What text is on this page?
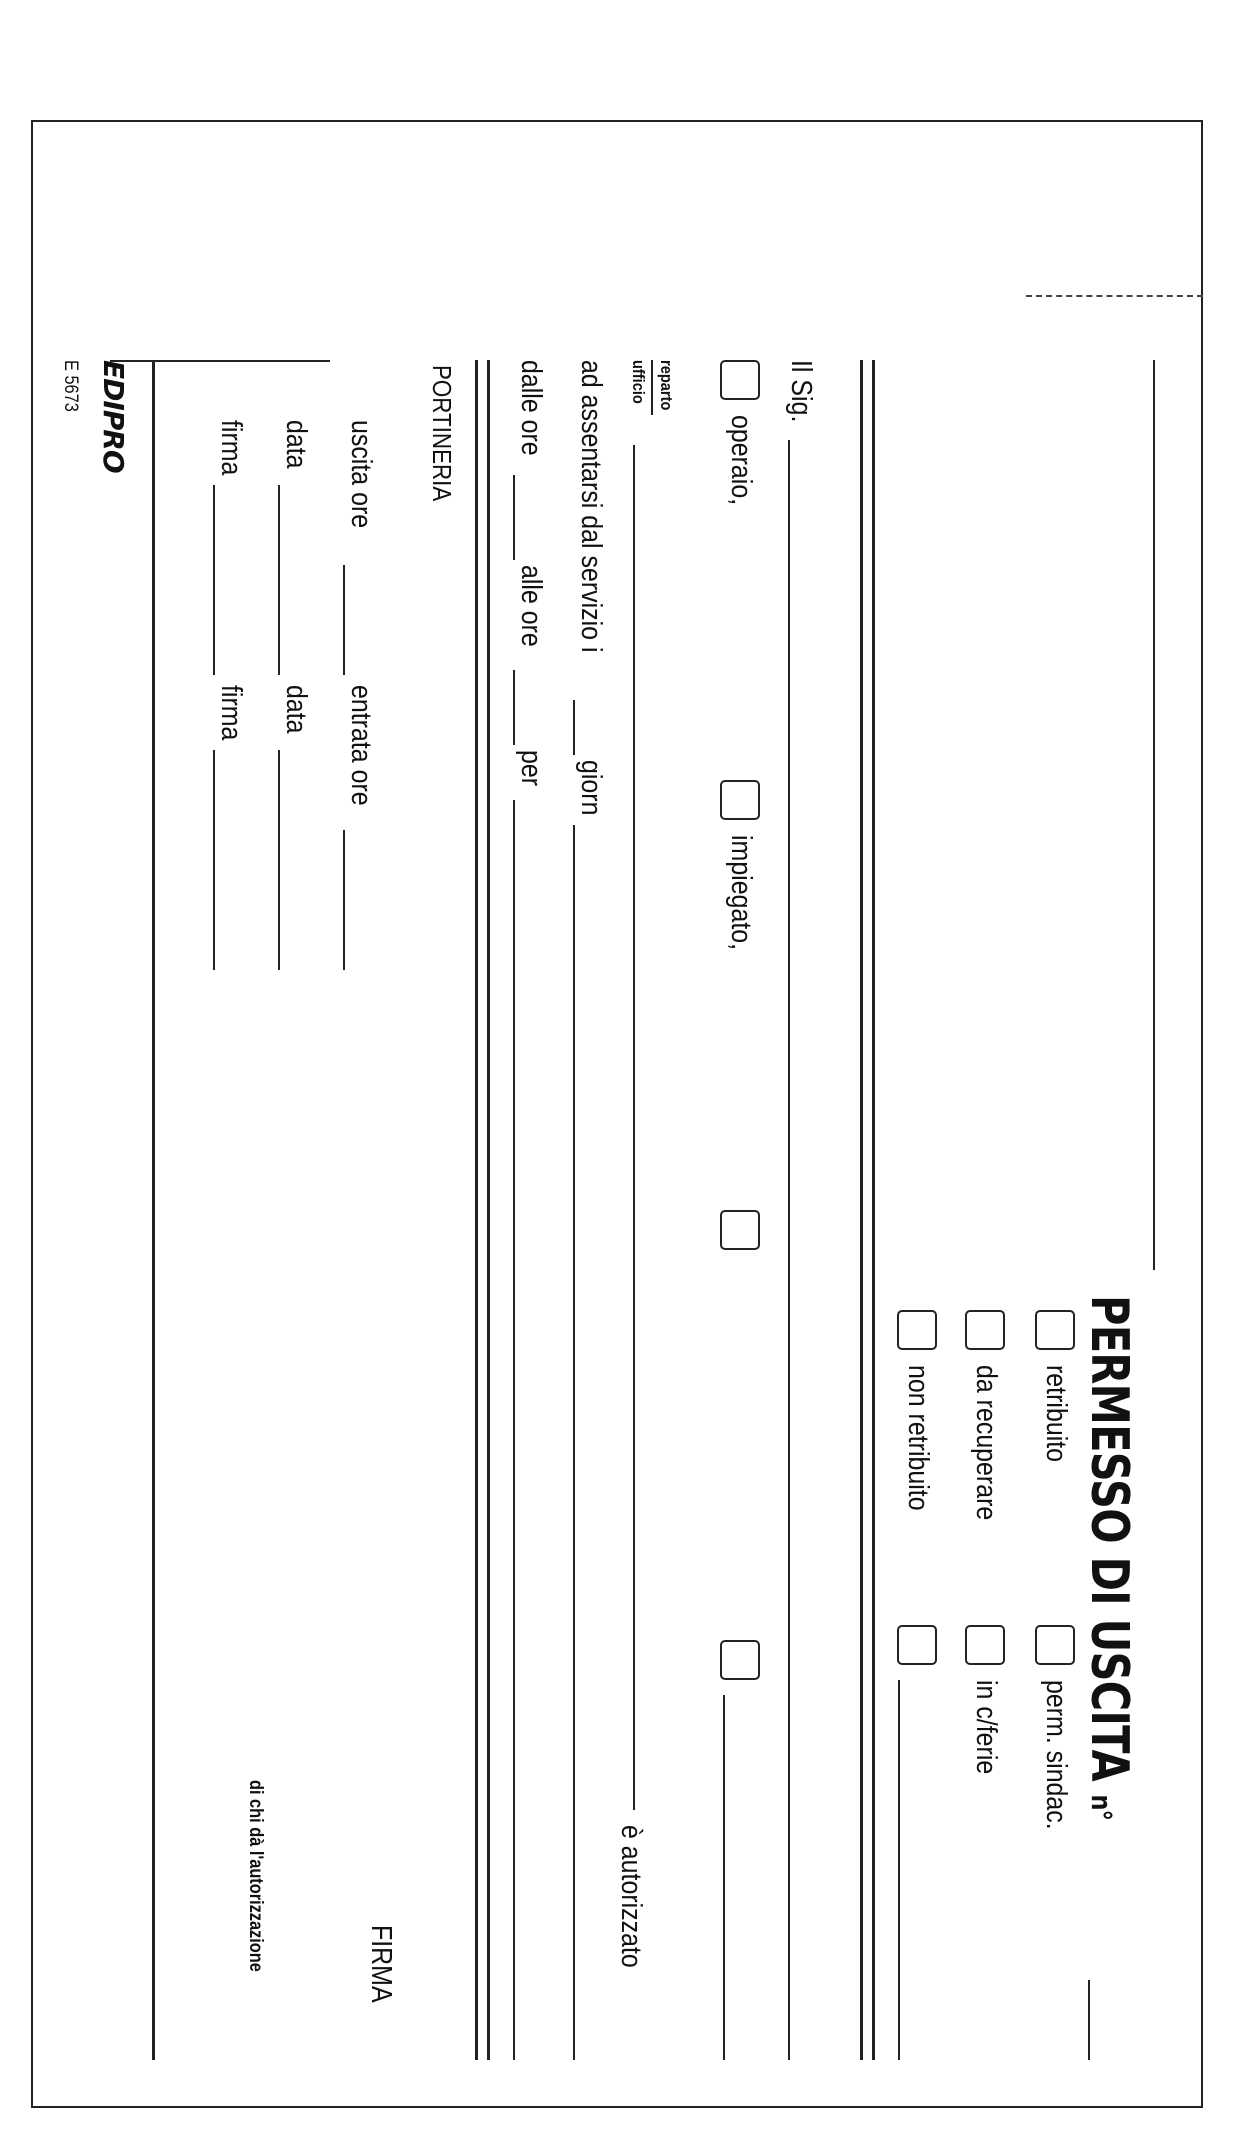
PERMESSO DI USCITA n°
retribuito
perm. sindac.
da recuperare
in c/ferie
non retribuito
Il Sig.
operaio,
impiegato,
reparto
ufficio
è autorizzato
ad assentarsi dal servizio i
giorn
dalle ore
alle ore
per
PORTINERIA
uscita ore
entrata ore
data
data
firma
firma
FIRMA
di chi dà l'autorizzazione
EDIPRO
E 5673
